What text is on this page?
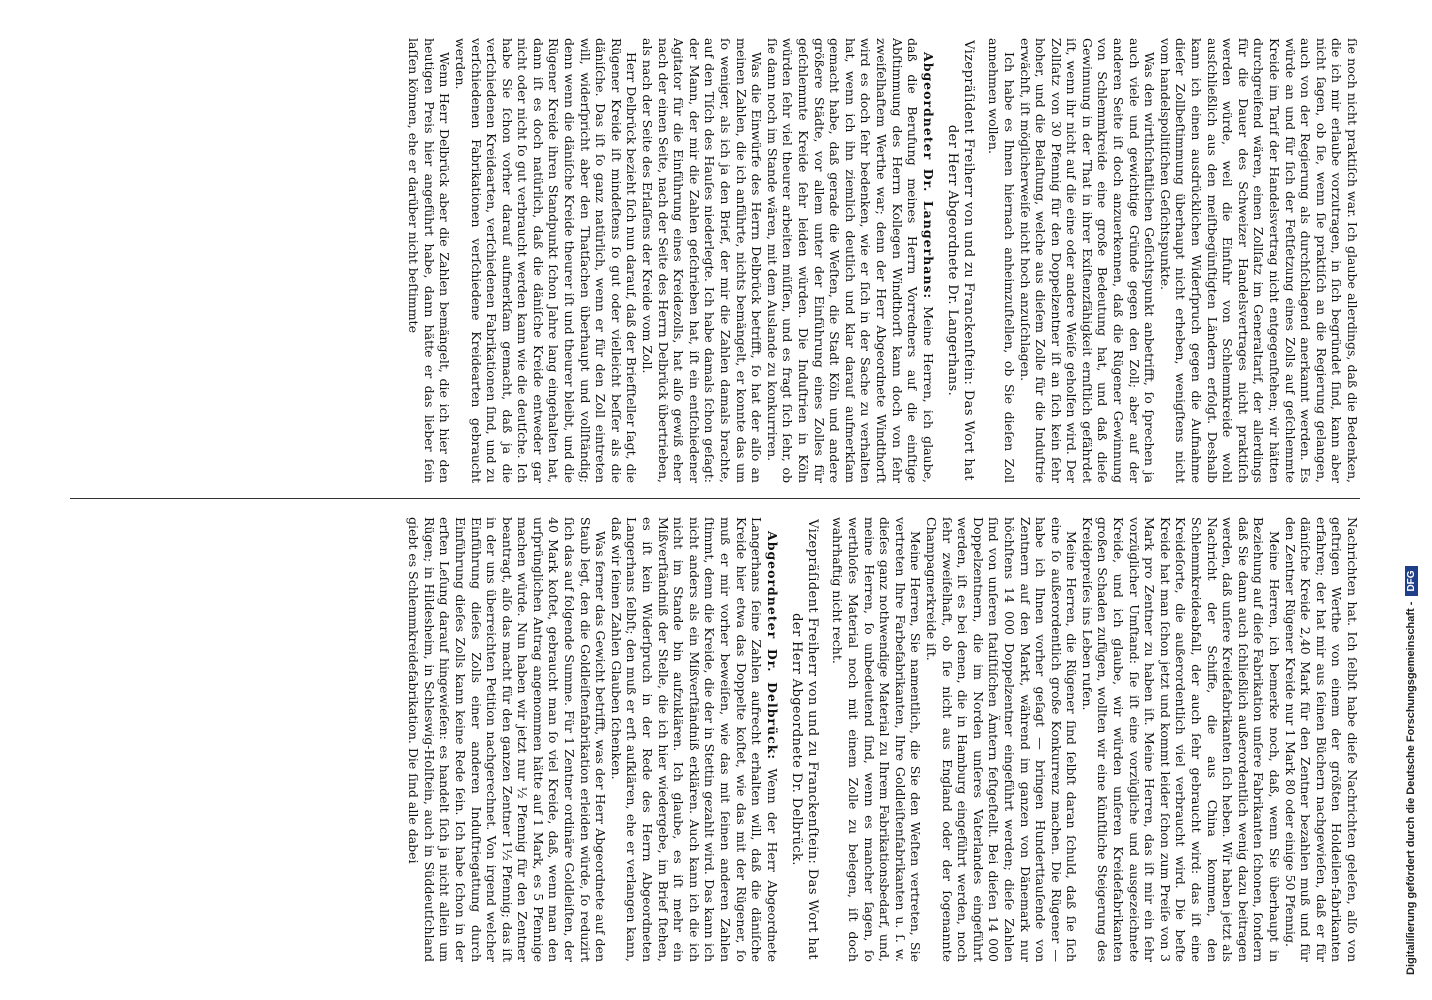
ſie noch nicht praktiſch war. Ich glaube allerdings, daß die Bedenken, die ich mir erlaube vorzutragen, in ſich begründet ſind, kann aber nicht ſagen, ob ſie, wenn ſie praktiſch an die Regierung gelangen, auch von der Regierung als durchſchlagend anerkannt werden. Es würde an und für ſich der Feſtſetzung eines Zolls auf geſchlemmte Kreide im Tarif der Handelsvertrag nicht entgegenſtehen; wir hätten durchgreifend wären, einen Zollſatz im Generaltarif, der allerdings für die Dauer des Schweizer Handelsvertrages nicht praktiſch werden würde, weil die Einfuhr von Schlemmkreide wohl ausſchließlich aus den meiſtbegünſtigten Ländern erfolgt. Deshalb kann ich einen ausdrücklichen Widerſpruch gegen die Aufnahme dieſer Zollbeſtimmung überhaupt nicht erheben, wenigſtens nicht vom handelspolitiſchen Geſichtspunkte.

Was den wirthſchaftlichen Geſichtspunkt anbetrifft, ſo ſprechen ja auch viele und gewichtige Gründe gegen den Zoll; aber auf der anderen Seite iſt doch anzuerkennen, daß die Rügener Gewinnung von Schlemmkreide eine große Bedeutung hat, und daß dieſe Gewinnung in der That in ihrer Exiſtenzfähigkeit ernſtlich gefährdet iſt, wenn ihr nicht auf die eine oder andere Weiſe geholfen wird. Der Zollſatz von 30 Pfennig für den Doppelzentner iſt an ſich kein ſehr hoher, und die Belaſtung, welche aus dieſem Zolle für die Induſtrie erwächſt, iſt möglicherweiſe nicht hoch anzuſchlagen.

Ich habe es Ihnen hiernach anheimzuſtellen, ob Sie dieſen Zoll annehmen wollen.

Vizepräſident Freiherr von und zu Franckenſtein: Das Wort hat der Herr Abgeordnete Dr. Langerhans.

Abgeordneter Dr. Langerhans: Meine Herren, ich glaube, daß die Berufung meines Herrn Vorredners auf die einſtige Abſtimmung des Herrn Kollegen Windthorſt kann doch von ſehr zweifelhaftem Werthe war; denn der Herr Abgeordnete Windthorſt wird es doch ſehr bedenken, wie er ſich in der Sache zu verhalten hat, wenn ich ihn ziemlich deutlich und klar darauf aufmerkſam gemacht habe, daß gerade die Weſten, die Stadt Köln und andere größere Städte, vor allem unter der Einführung eines Zolles für geſchlemmte Kreide ſehr leiden würden. Die Induſtrien in Köln würden ſehr viel theurer arbeiten müſſen, und es fragt ſich ſehr, ob ſie dann noch im Stande wären, mit dem Auslande zu konkurriren.

Was die Einwürfe des Herrn Delbrück betrifft, ſo hat der alſo an meinen Zahlen, die ich anführte, nichts bemängelt, er konnte das um ſo weniger, als ich ja den Brief, der mir die Zahlen damals brachte, auf den Tiſch des Hauſes niederlegte. Ich habe damals ſchon geſagt: der Mann, der mir die Zahlen geſchrieben hat, iſt ein entſchiedener Agitator für die Einführung eines Kreidezolls, hat alſo gewiß eher nach der einen Seite, nach der Seite des Herrn Delbrück übertrieben, als nach der Seite des Erlaſſens der Kreide vom Zoll.

Herr Delbrück bezieht ſich nun darauf, daß der Briefſteller ſagt, die Rügener Kreide iſt mindeſtens ſo gut oder vielleicht beſſer als die däniſche. Das iſt ſo ganz natürlich, wenn er für den Zoll eintreten will, widerſpricht aber den Thatſachen überhaupt und vollſtändig; denn wenn die däniſche Kreide theurer iſt und theurer bleibt, und die Rügener Kreide ihren Standpunkt ſchon Jahre lang eingehalten hat, dann iſt es doch natürlich, daß die däniſche Kreide entweder gar nicht oder nicht ſo gut verbraucht werden kann wie die deutſche. Ich habe Sie ſchon vorher darauf aufmerkſam gemacht, daß ja die verſchiedenen Kreidearten, verſchiedenen Fabrikationen ſind, und zu verſchiedenen Fabrikationen verſchiedene Kreidearten gebraucht werden.

Wenn Herr Delbrück aber die Zahlen bemängelt, die ich hier den heutigen Preis hier angeführt habe, dann hätte er das lieber ſein laſſen können, ehe er darüber nicht beſtimmte

Nachrichten hat. Ich ſelbſt habe dieſe Nachrichten geleſen, alſo von geſtrigen Werthe von einem der größten Holdeilen-fabrikanten erfahren; der hat mir aus ſeinen Büchern nachgewieſen, daß er für däniſche Kreide 2,40 Mark für den Zentner bezahlen muß und für den Zentner Rügener Kreide nur 1 Mark 80 oder einige 50 Pfennig.

Meine Herren, ich bemerke noch, daß, wenn Sie überhaupt in Beziehung auf dieſe Fabrikation unſere Fabrikanten ſchonen, ſondern daß Sie dann auch ſchließlich außerordentlich wenig dazu beitragen werden, daß unſere Kreidefabrikanten ſich heben. Wir haben jetzt als Nachricht der Schiffe, die aus China kommen, den Schlemmkreideabfall, der auch ſehr gebraucht wird: das iſt eine Kreideſorte, die außerordentlich viel verbraucht wird. Die beſte Kreide hat man ſchon jetzt und kommt leider ſchon zum Preiſe von 3 Mark pro Zentner zu haben iſt. Meine Herren, das iſt mir ein ſehr vorzüglicher Umſtand: ſie iſt eine vorzügliche und ausgezeichnete Kreide, und ich glaube, wir würden unſeren Kreidefabrikanten großen Schaden zufügen, wollten wir eine künſtliche Steigerung des Kreidepreiſes ins Leben rufen.

Meine Herren, die Rügener ſind ſelbſt daran ſchuld, daß ſie ſich eine ſo außerordentlich große Konkurrenz machen. Die Rügener — habe ich Ihnen vorher geſagt — bringen Hunderttauſende von Zentnern auf den Markt, während im ganzen von Dänemark nur höchſtens 14 000 Doppelzentner eingeführt werden; dieſe Zahlen ſind von unſeren ſtatiſtiſchen Ämtern feſtgeſtellt. Bei dieſen 14 000 Doppelzentnern, die im Norden unſeres Vaterlandes eingeführt werden, iſt es bei denen, die in Hamburg eingeführt werden, noch ſehr zweifelhaft, ob ſie nicht aus England oder der ſogenannte Champagnerkreide iſt.

Meine Herren, Sie namentlich, die Sie den Weſten vertreten, Sie vertreten Ihre Farbefabrikanten, Ihre Goldleiſtenfabrikanten u. ſ. w. dieſes ganz nothwendige Material zu Ihrem Fabrikationsbedarf, und, meine Herren, ſo unbedeutend ſind, wenn es mancher ſagen, ſo werthloſes Material noch mit einem Zolle zu belegen, iſt doch wahrhaftig nicht recht.

Vizepräſident Freiherr von und zu Franckenſtein: Das Wort hat der Herr Abgeordnete Dr. Delbrück.

Abgeordneter Dr. Delbrück: Wenn der Herr Abgeordnete Langerhans ſeine Zahlen aufrecht erhalten will, daß die däniſche Kreide hier etwa das Doppelte koſtet, wie das mit der Rügener, ſo muß er mir vorher beweiſen, wie das mit ſeinen anderen Zahlen ſtimmt, denn die Kreide, die der in Stettin gezahlt wird. Das kann ich nicht anders als ein Mißverſtändniß erklären. Auch kann ich die ich nicht im Stande bin aufzuklären. Ich glaube, es iſt mehr ein Mißverſtändniß der Stelle, die ich hier wiedergebe, im Brief ſtehen, es iſt kein Widerſpruch in der Rede des Herrn Abgeordneten Langerhans ſelbſt; den muß er erſt aufklären, ehe er verlangen kann, daß wir ſeinen Zahlen Glauben ſchenken.

Was ferner das Gewicht betrifft, was der Herr Abgeordnete auf den Staub legt, den die Goldleiſtenfabrikation erleiden würde, ſo reduzirt ſich das auf folgende Summe. Für 1 Zentner ordinäre Goldleiſten, der 40 Mark koſtet, gebraucht man ſo viel Kreide, daß, wenn man den urſprünglichen Antrag angenommen hätte auf 1 Mark, es 5 Pfennige machen würde. Nun haben wir jetzt nur ½ Pfennig für den Zentner beantragt, alſo das macht für den ganzen Zentner 1½ Pfennig; das iſt in der uns überreichten Petition nachgerechnet. Von irgend welcher Einführung dieſes Zolls einer anderen Induſtriegattung durch Einführung dieſes Zolls kann keine Rede ſein. Ich habe ſchon in der erſten Leſung darauf hingewieſen: es handelt ſich ja nicht allein um Rügen; in Hildesheim, in Schleswig-Holſtein, auch in Süddeutſchland giebt es Schlemmkreidefabrikation. Die ſind alle dabei	Digitaliſierung gefördert durch die Deutsche Forschungsgemeinschaft -DFG
